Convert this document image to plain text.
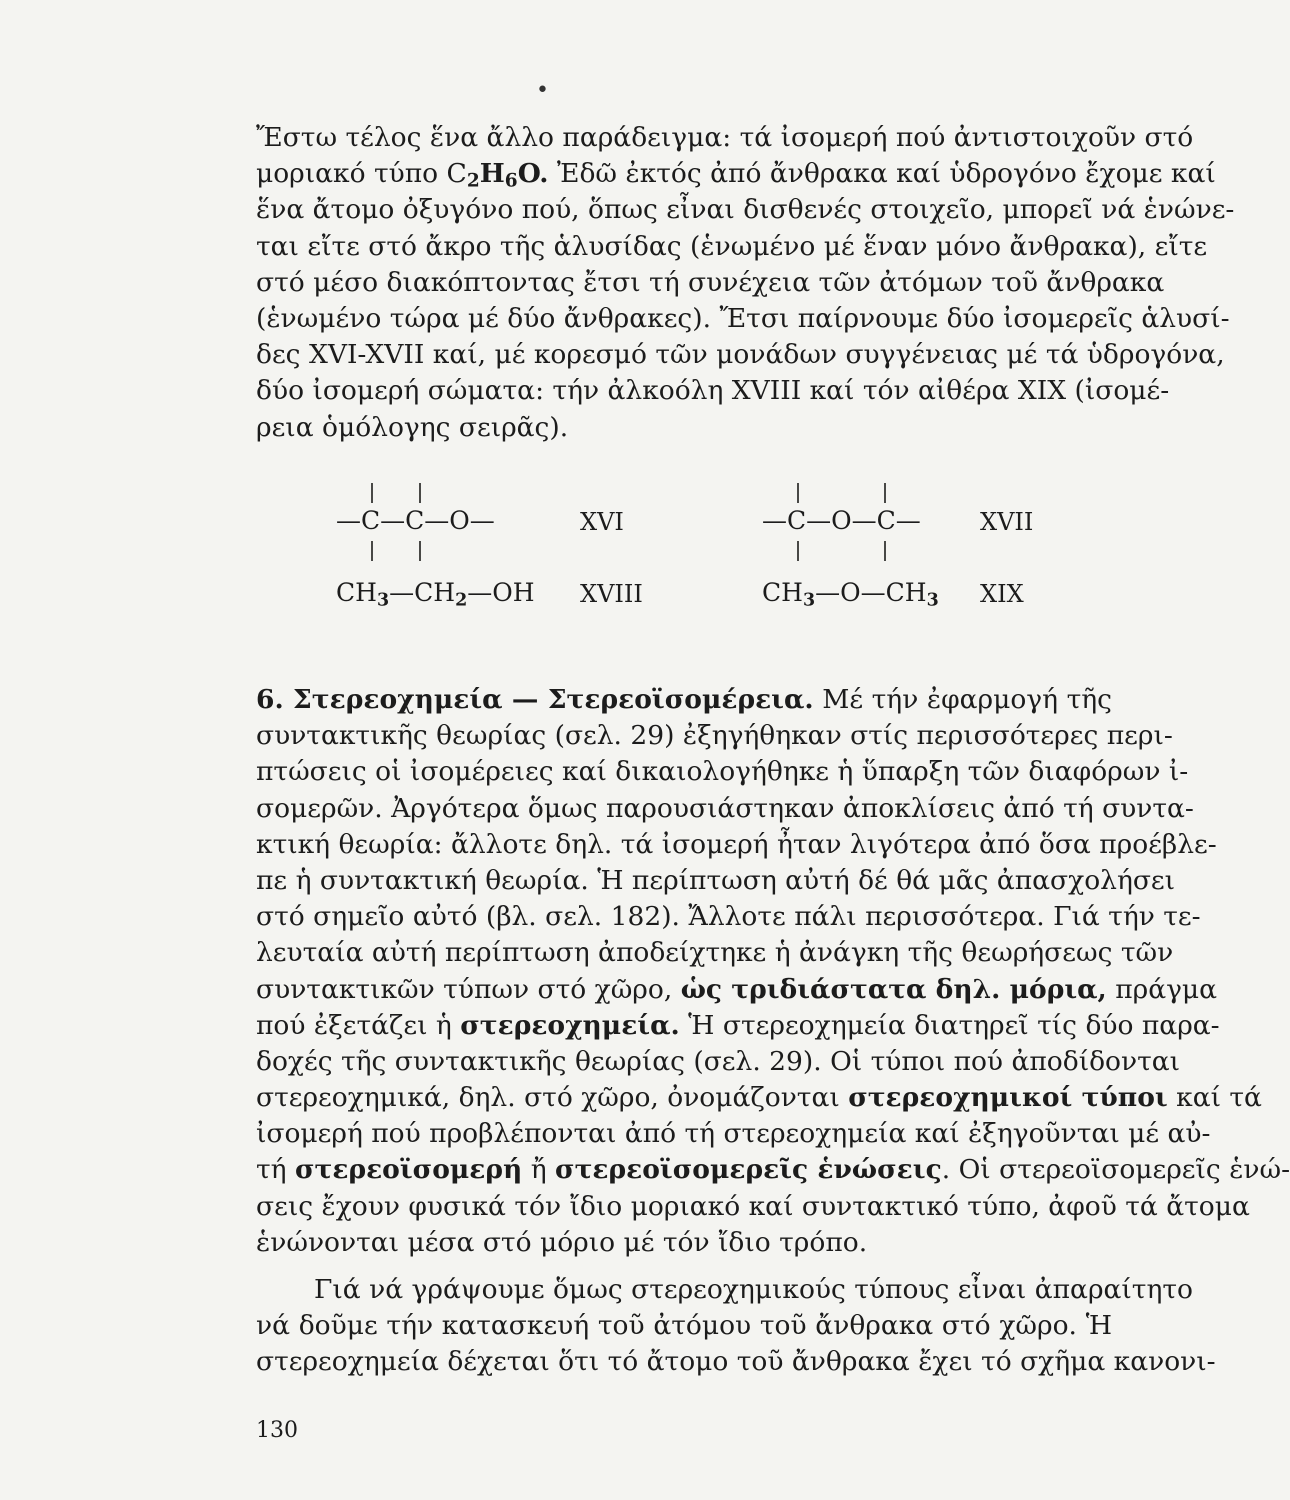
•
Ἔστω τέλος ἕνα ἄλλο παράδειγμα: τά ἰσομερή πού ἀντιστοιχοῦν στό
μοριακό τύπο $C_2H_6O$. Ἐδῶ ἐκτός ἀπό ἄνθρακα καί ὑδρογόνο ἔχομε καί
ἕνα ἄτομο ὀξυγόνο πού, ὅπως εἶναι δισθενές στοιχεῖο, μπορεῖ νά ἑνώνε-
ται εἴτε στό ἄκρο τῆς ἁλυσίδας (ἑνωμένο μέ ἕναν μόνο ἄνθρακα), εἴτε
στό μέσο διακόπτοντας ἔτσι τή συνέχεια τῶν ἀτόμων τοῦ ἄνθρακα
(ἑνωμένο τώρα μέ δύο ἄνθρακες). Ἔτσι παίρνουμε δύο ἰσομερεῖς ἁλυσί-
δες XVI-XVII καί, μέ κορεσμό τῶν μονάδων συγγένειας μέ τά ὑδρογόνα,
δύο ἰσομερή σώματα: τήν ἀλκοόλη XVIII καί τόν αἰθέρα XIX (ἰσομέ-
ρεια ὁμόλογης σειρᾶς).
—C—C—O—	XVI	—C—O—C— XVII
$CH_3—CH_2—OH$ XVIII	$CH_3—O—CH_3$ XIX
6. Στερεοχημεία — Στερεοϊσομέρεια. Μέ τήν ἐφαρμογή τῆς
συντακτικῆς θεωρίας (σελ. 29) ἐξηγήθηκαν στίς περισσότερες περι-
πτώσεις οἱ ἰσομέρειες καί δικαιολογήθηκε ἡ ὕπαρξη τῶν διαφόρων ἰ-
σομερῶν. Ἀργότερα ὅμως παρουσιάστηκαν ἀποκλίσεις ἀπό τή συντα-
κτική θεωρία: ἄλλοτε δηλ. τά ἰσομερή ἦταν λιγότερα ἀπό ὅσα προέβλε-
πε ἡ συντακτική θεωρία. Ἡ περίπτωση αὐτή δέ θά μᾶς ἀπασχολήσει
στό σημεῖο αὐτό (βλ. σελ. 182). Ἄλλοτε πάλι περισσότερα. Γιά τήν τε-
λευταία αὐτή περίπτωση ἀποδείχτηκε ἡ ἀνάγκη τῆς θεωρήσεως τῶν
συντακτικῶν τύπων στό χῶρο, ὡς τριδιάστατα δηλ. μόρια, πράγμα
πού ἐξετάζει ἡ στερεοχημεία. Ἡ στερεοχημεία διατηρεῖ τίς δύο παρα-
δοχές τῆς συντακτικῆς θεωρίας (σελ. 29). Οἱ τύποι πού ἀποδίδονται
στερεοχημικά, δηλ. στό χῶρο, ὀνομάζονται στερεοχημικοί τύποι καί τά
ἰσομερή πού προβλέπονται ἀπό τή στερεοχημεία καί ἐξηγοῦνται μέ αὐ-
τή στερεοϊσομερή ἤ στερεοϊσομερεῖς ἑνώσεις. Οἱ στερεοϊσομερεῖς ἑνώ-
σεις ἔχουν φυσικά τόν ἴδιο μοριακό καί συντακτικό τύπο, ἀφοῦ τά ἄτομα
ἑνώνονται μέσα στό μόριο μέ τόν ἴδιο τρόπο.
Γιά νά γράψουμε ὅμως στερεοχημικούς τύπους εἶναι ἀπαραίτητο
νά δοῦμε τήν κατασκευή τοῦ ἀτόμου τοῦ ἄνθρακα στό χῶρο. Ἡ
στερεοχημεία δέχεται ὅτι τό ἄτομο τοῦ ἄνθρακα ἔχει τό σχῆμα κανονι-
130
